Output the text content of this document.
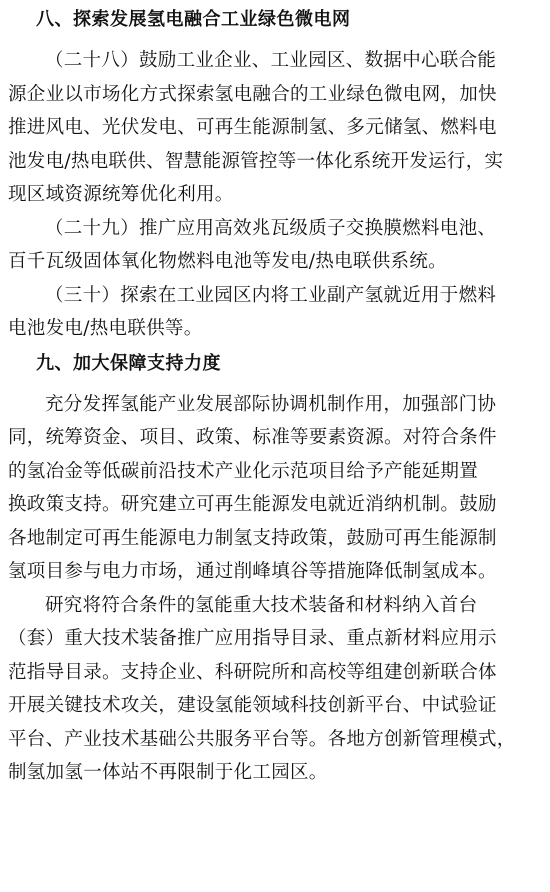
八、探索发展氢电融合工业绿色微电网
（二十八）鼓励工业企业、工业园区、数据中心联合能
源企业以市场化方式探索氢电融合的工业绿色微电网，加快
推进风电、光伏发电、可再生能源制氢、多元储氢、燃料电
池发电/热电联供、智慧能源管控等一体化系统开发运行，实
现区域资源统筹优化利用。
（二十九）推广应用高效兆瓦级质子交换膜燃料电池、
百千瓦级固体氧化物燃料电池等发电/热电联供系统。
（三十）探索在工业园区内将工业副产氢就近用于燃料
电池发电/热电联供等。
九、加大保障支持力度
充分发挥氢能产业发展部际协调机制作用，加强部门协
同，统筹资金、项目、政策、标准等要素资源。对符合条件
的氢冶金等低碳前沿技术产业化示范项目给予产能延期置
换政策支持。研究建立可再生能源发电就近消纳机制。鼓励
各地制定可再生能源电力制氢支持政策，鼓励可再生能源制
氢项目参与电力市场，通过削峰填谷等措施降低制氢成本。
研究将符合条件的氢能重大技术装备和材料纳入首台
（套）重大技术装备推广应用指导目录、重点新材料应用示
范指导目录。支持企业、科研院所和高校等组建创新联合体
开展关键技术攻关，建设氢能领域科技创新平台、中试验证
平台、产业技术基础公共服务平台等。各地方创新管理模式，
制氢加氢一体站不再限制于化工园区。
